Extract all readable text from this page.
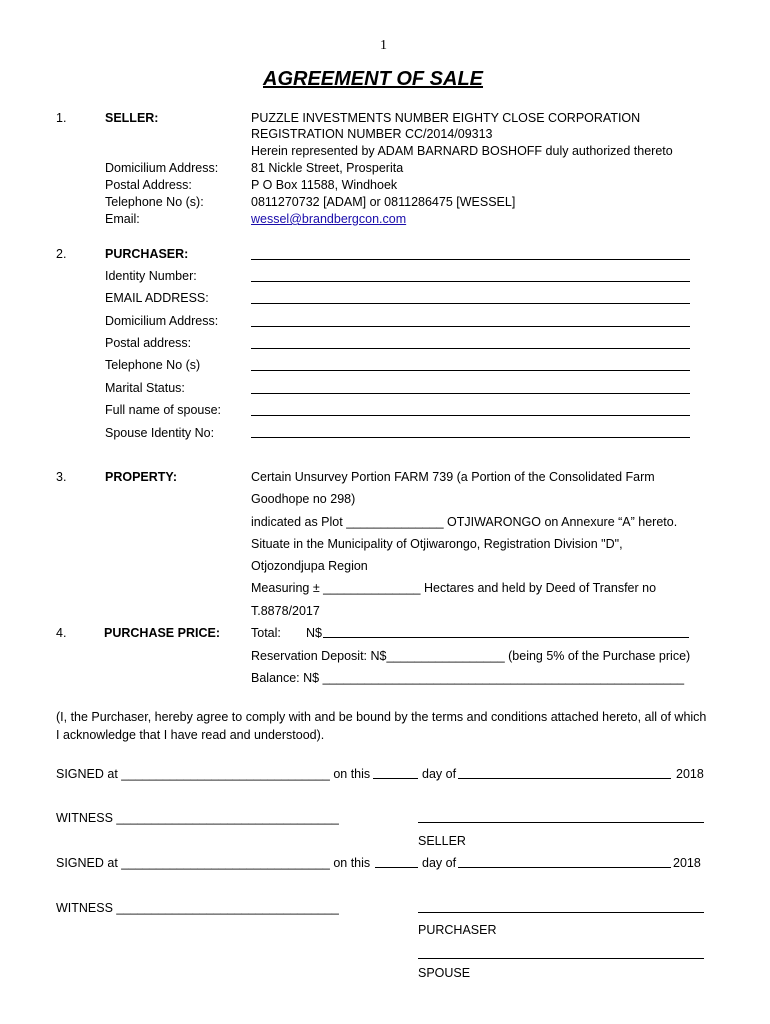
1
AGREEMENT OF SALE
1.	SELLER:	PUZZLE INVESTMENTS NUMBER EIGHTY CLOSE CORPORATION
REGISTRATION NUMBER CC/2014/09313
Herein represented by ADAM BARNARD BOSHOFF duly authorized thereto
Domicilium Address:	81 Nickle Street, Prosperita
Postal Address:	P O Box 11588, Windhoek
Telephone No (s):	0811270732 [ADAM] or 0811286475 [WESSEL]
Email:	wessel@brandbergcon.com
2.	PURCHASER:
Identity Number:
EMAIL ADDRESS:
Domicilium Address:
Postal address:
Telephone No (s)
Marital Status:
Full name of spouse:
Spouse Identity No:
3.	PROPERTY:	Certain Unsurvey Portion FARM 739 (a Portion of the Consolidated Farm
Goodhope no 298)
indicated as Plot ______________ OTJIWARONGO on Annexure “A” hereto.
Situate in the Municipality of Otjiwarongo, Registration Division "D",
Otjozondjupa Region
Measuring ± ______________ Hectares and held by Deed of Transfer no
T.8878/2017
4.	PURCHASE PRICE: Total: N$
Reservation Deposit: N$_________________ (being 5% of the Purchase price)
Balance: N$ ____________________________________________________
(I, the Purchaser, hereby agree to comply with and be bound by the terms and conditions attached hereto, all of which
I acknowledge that I have read and understood).
SIGNED at ______________________________ on this	day of	2018
WITNESS ________________________________
SELLER
SIGNED at ______________________________ on this	day of	2018
WITNESS ________________________________
PURCHASER
SPOUSE
